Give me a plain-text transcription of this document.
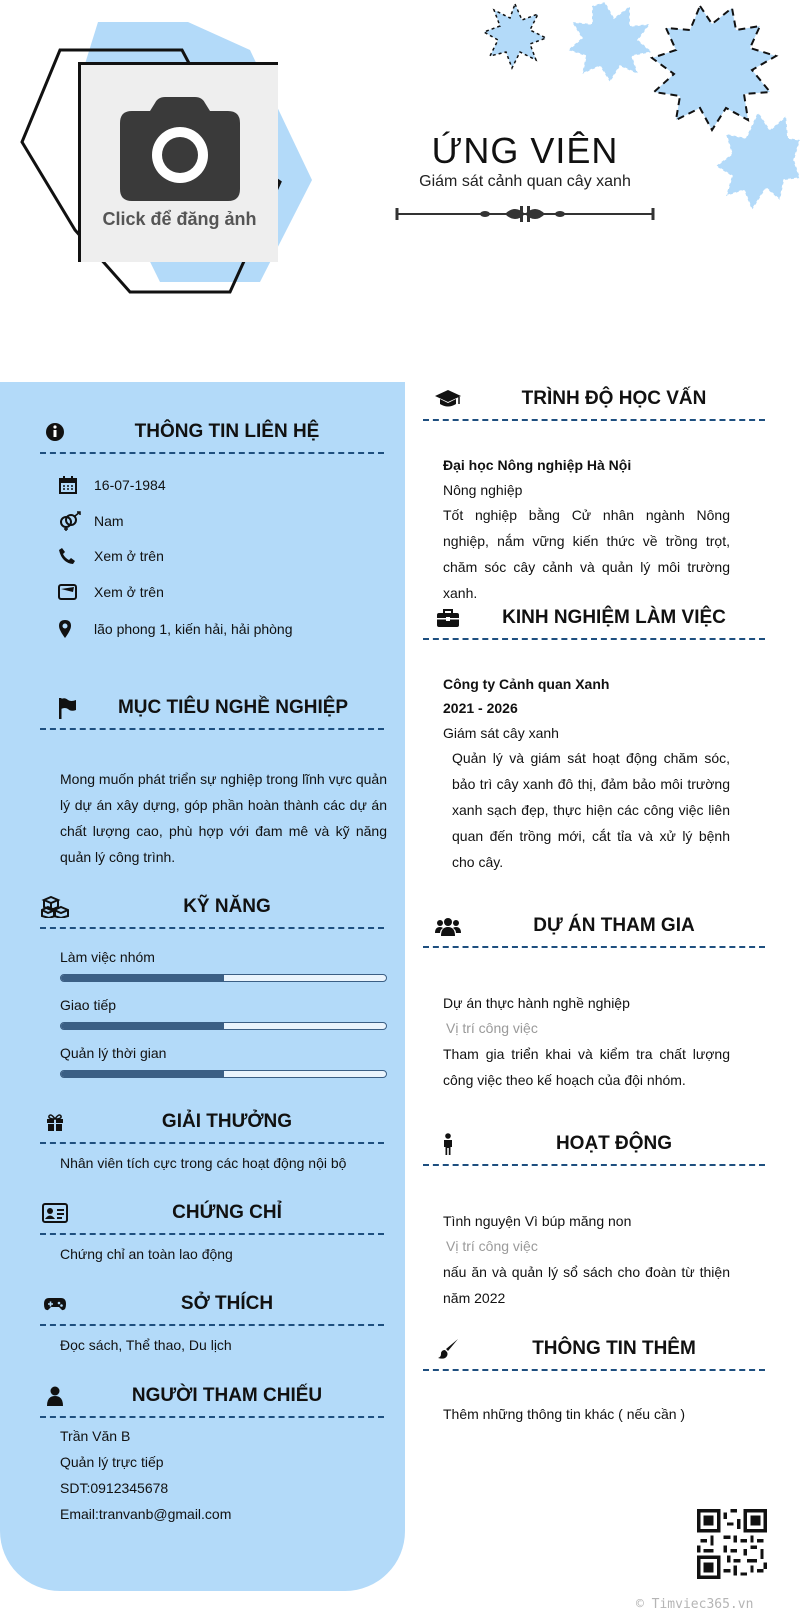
Click để đăng ảnh
ỨNG VIÊN
Giám sát cảnh quan cây xanh
THÔNG TIN LIÊN HỆ
16-07-1984
Nam
Xem ở trên
Xem ở trên
lão phong 1, kiến hải, hải phòng
MỤC TIÊU NGHỀ NGHIỆP
Mong muốn phát triển sự nghiệp trong lĩnh vực quản lý dự án xây dựng, góp phần hoàn thành các dự án chất lượng cao, phù hợp với đam mê và kỹ năng quản lý công trình.
KỸ NĂNG
Làm việc nhóm
Giao tiếp
Quản lý thời gian
GIẢI THƯỞNG
Nhân viên tích cực trong các hoạt động nội bộ
CHỨNG CHỈ
Chứng chỉ an toàn lao động
SỞ THÍCH
Đọc sách, Thể thao, Du lịch
NGƯỜI THAM CHIẾU
Trần Văn B
Quản lý trực tiếp
SDT:0912345678
Email:tranvanb@gmail.com
TRÌNH ĐỘ HỌC VẤN
Đại học Nông nghiệp Hà Nội
Nông nghiệp
Tốt nghiệp bằng Cử nhân ngành Nông nghiệp, nắm vững kiến thức về trồng trọt, chăm sóc cây cảnh và quản lý môi trường xanh.
KINH NGHIỆM LÀM VIỆC
Công ty Cảnh quan Xanh
2021 - 2026
Giám sát cây xanh
Quản lý và giám sát hoạt động chăm sóc, bảo trì cây xanh đô thị, đảm bảo môi trường xanh sạch đẹp, thực hiện các công việc liên quan đến trồng mới, cắt tỉa và xử lý bệnh cho cây.
DỰ ÁN THAM GIA
Dự án thực hành nghề nghiệp
Vị trí công việc
Tham gia triển khai và kiểm tra chất lượng công việc theo kế hoạch của đội nhóm.
HOẠT ĐỘNG
Tình nguyện Vì búp măng non
Vị trí công việc
nấu ăn và quản lý sổ sách cho đoàn từ thiện năm 2022
THÔNG TIN THÊM
Thêm những thông tin khác ( nếu cần )
© Timviec365.vn
